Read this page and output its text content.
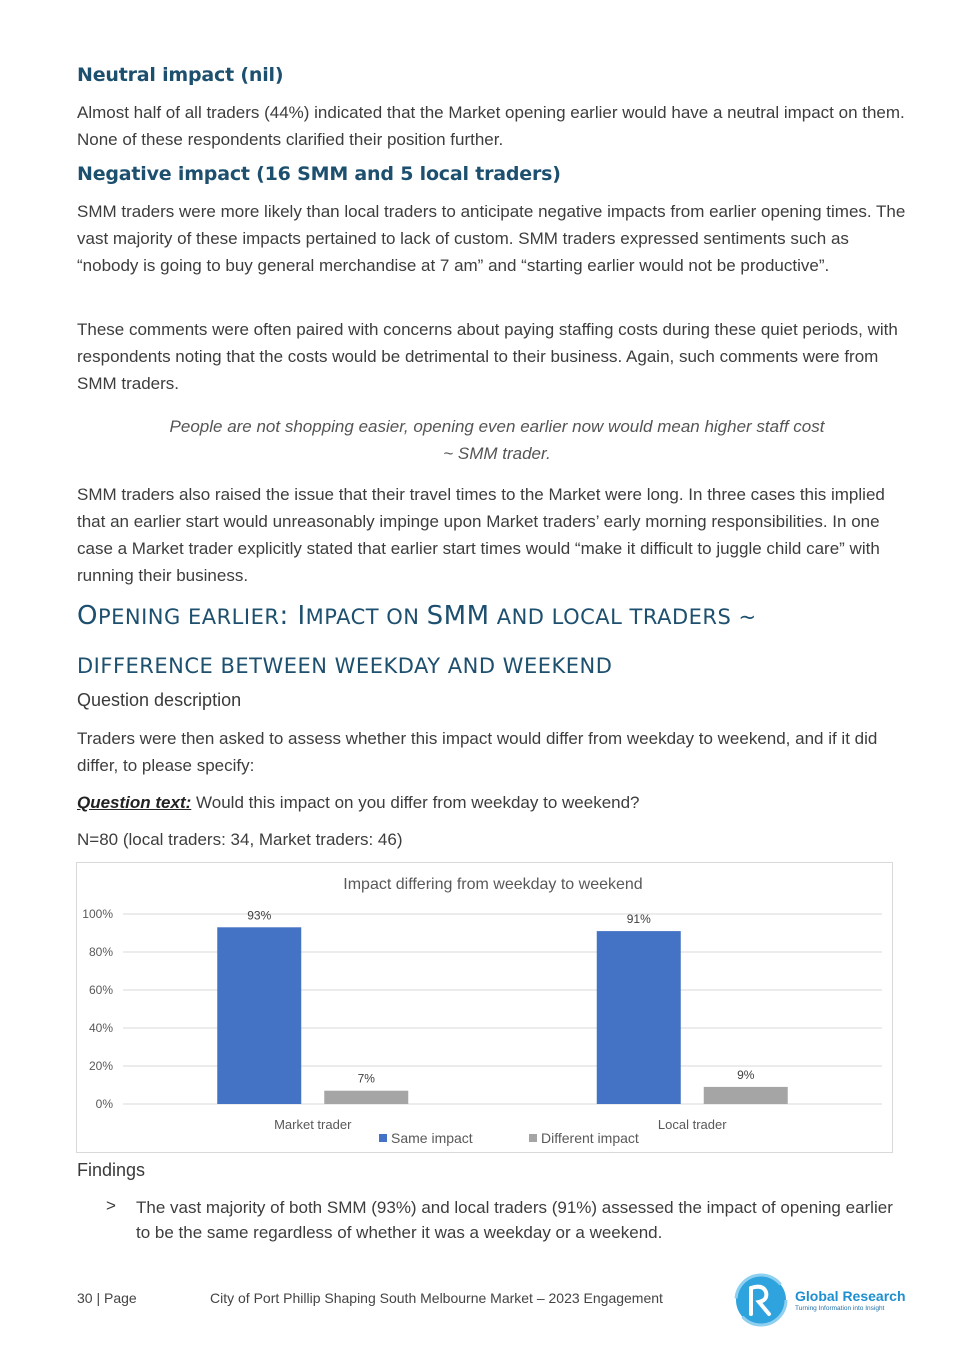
Neutral impact (nil)
Almost half of all traders (44%) indicated that the Market opening earlier would have a neutral impact on them. None of these respondents clarified their position further.
Negative impact (16 SMM and 5 local traders)
SMM traders were more likely than local traders to anticipate negative impacts from earlier opening times. The vast majority of these impacts pertained to lack of custom. SMM traders expressed sentiments such as “nobody is going to buy general merchandise at 7 am” and “starting earlier would not be productive”.
These comments were often paired with concerns about paying staffing costs during these quiet periods, with respondents noting that the costs would be detrimental to their business. Again, such comments were from SMM traders.
People are not shopping easier, opening even earlier now would mean higher staff cost
~ SMM trader.
SMM traders also raised the issue that their travel times to the Market were long. In three cases this implied that an earlier start would unreasonably impinge upon Market traders’ early morning responsibilities. In one case a Market trader explicitly stated that earlier start times would “make it difficult to juggle child care” with running their business.
OPENING EARLIER: IMPACT ON SMM AND LOCAL TRADERS ~
DIFFERENCE BETWEEN WEEKDAY AND WEEKEND
Question description
Traders were then asked to assess whether this impact would differ from weekday to weekend, and if it did differ, to please specify:
Question text: Would this impact on you differ from weekday to weekend?
N=80 (local traders: 34, Market traders: 46)
Impact differing from weekday to weekend
0%
20%
40%
60%
80%
100%	93%
7%
Market trader
91%
9%
Local trader
Same impact	Different impact
Findings
> The vast majority of both SMM (93%) and local traders (91%) assessed the impact of opening earlier to be the same regardless of whether it was a weekday or a weekend.
30 | Page	City of Port Phillip Shaping South Melbourne Market – 2023 Engagement	Global Research
Turning Information into Insight
